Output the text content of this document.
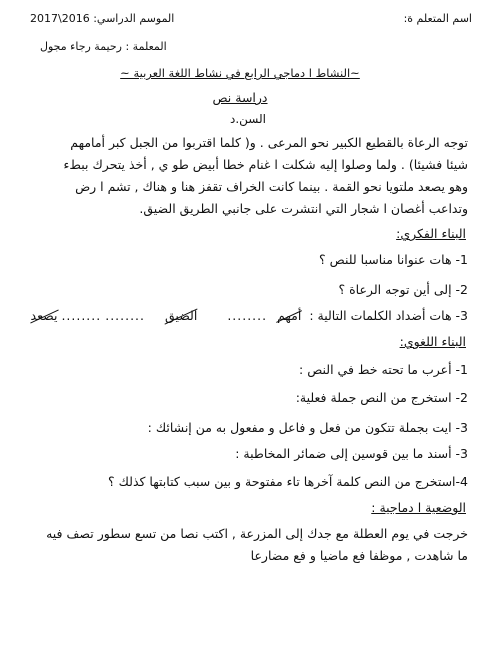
اسم المتعلم ة:
الموسم الدراسي: 2016\2017
المعلمة : رحيمة رجاء مجول
~النشاط ا دماجي الرابع في نشاط اللغة العربية ~
دراسة نص
السن.د
توجه الرعاة بالقطيع الكبير نحو المرعى . و( كلما اقتربوا من الجبل كبر أمامهم
شيئا فشيئا) . ولما وصلوا إليه شكلت ا غنام خطا أبيض طو ي , أخذ يتحرك ببطء
وهو يصعد ملتويا نحو القمة . بينما كانت الخراف تقفز هنا و هناك , تشم ا رض
وتداعب أغصان ا شجار التي انتشرت على جانبي الطريق الضيق.
البناء الفكري:
1- هات عنوانا مناسبا للنص ؟
2- إلى أين توجه الرعاة ؟
3- هات أضداد الكلمات التالية : أمهم ........ الضيق ........ ........ يصعد
البناء اللغوي:
1- أعرب ما تحته خط في النص :
2- استخرج من النص جملة فعلية:
3- ايت بجملة تتكون من فعل و فاعل و مفعول به من إنشائك :
3- أسند ما بين قوسين إلى ضمائر المخاطبة :
4-استخرج من النص كلمة آخرها تاء مفتوحة و بين سبب كتابتها كذلك ؟
الوضعية ا دماجية :
خرجت في يوم العطلة مع جدك إلى المزرعة , اكتب نصا من تسع سطور تصف فيه
ما شاهدت , موظفا فع ماضيا و فع مضارعا
